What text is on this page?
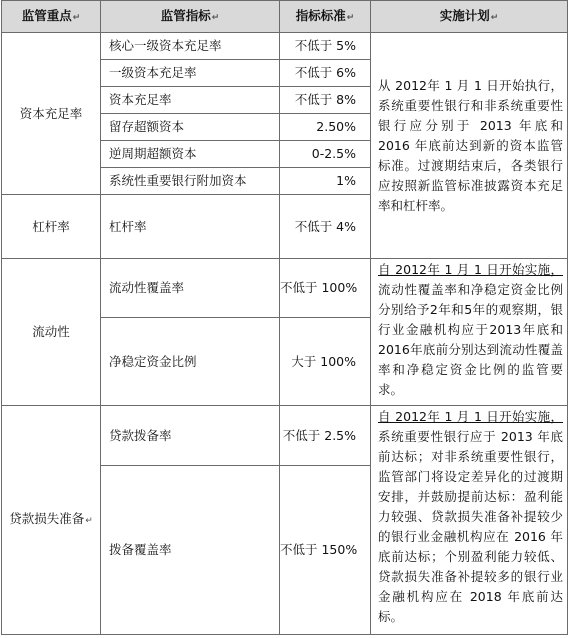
监管重点↵	监管指标↵	指标标准↵	实施计划↵
资本充足率	核心一级资本充足率	不低于 5%	从 2012年 1 月 1 日开始执行，系统重要性银行和非系统重要性银行应分别于 2013 年底和 2016 年底前达到新的资本监管标准。过渡期结束后，各类银行应按照新监管标准披露资本充足率和杠杆率。
	一级资本充足率	不低于 6%	
	资本充足率	不低于 8%	
	留存超额资本	2.50%	
	逆周期超额资本	0-2.5%	
	系统性重要银行附加资本	1%	
杠杆率	杠杆率	不低于 4%	
流动性	流动性覆盖率	不低于 100%	自 2012年 1 月 1 日开始实施，流动性覆盖率和净稳定资金比例分别给予2年和5年的观察期，银行业金融机构应于2013年底和2016年底前分别达到流动性覆盖率和净稳定资金比例的监管要求。
	净稳定资金比例	大于 100%	
贷款损失准备↵	贷款拨备率	不低于 2.5%	自 2012年 1 月 1 日开始实施，系统重要性银行应于 2013 年底前达标；对非系统重要性银行，监管部门将设定差异化的过渡期安排，并鼓励提前达标：盈利能力较强、贷款损失准备补提较少的银行业金融机构应在 2016 年底前达标；个别盈利能力较低、贷款损失准备补提较多的银行业金融机构应在 2018 年底前达标。
	拨备覆盖率	不低于 150%	
